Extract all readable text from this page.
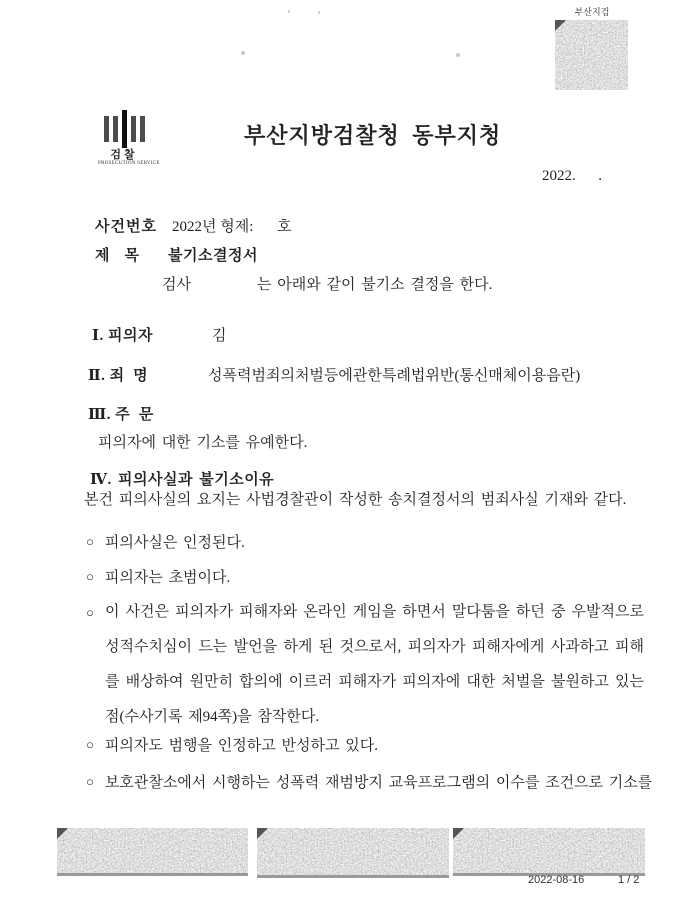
부산지검
검찰
PROSECUTION SERVICE
부산지방검찰청 동부지청
2022.      .
사건번호 2022년 형제: 호
제    목 불기소결정서
검사	는 아래와 같이 불기소 결정을 한다.
Ⅰ. 피의자	김
Ⅱ. 죄  명	성폭력범죄의처벌등에관한특례법위반(통신매체이용음란)
Ⅲ. 주  문
피의자에 대한 기소를 유예한다.
Ⅳ. 피의사실과 불기소이유
본건 피의사실의 요지는 사법경찰관이 작성한 송치결정서의 범죄사실 기재와 같다.
○ 피의사실은 인정된다.
○ 피의자는 초범이다.
○ 이 사건은 피의자가 피해자와 온라인 게임을 하면서 말다툼을 하던 중 우발적으로 성적수치심이 드는 발언을 하게 된 것으로서, 피의자가 피해자에게 사과하고 피해를 배상하여 원만히 합의에 이르러 피해자가 피의자에 대한 처벌을 불원하고 있는 점(수사기록 제94쪽)을 참작한다.
○ 피의자도 범행을 인정하고 반성하고 있다.
○ 보호관찰소에서 시행하는 성폭력 재범방지 교육프로그램의 이수를 조건으로 기소를
2022-08-16	1 / 2
